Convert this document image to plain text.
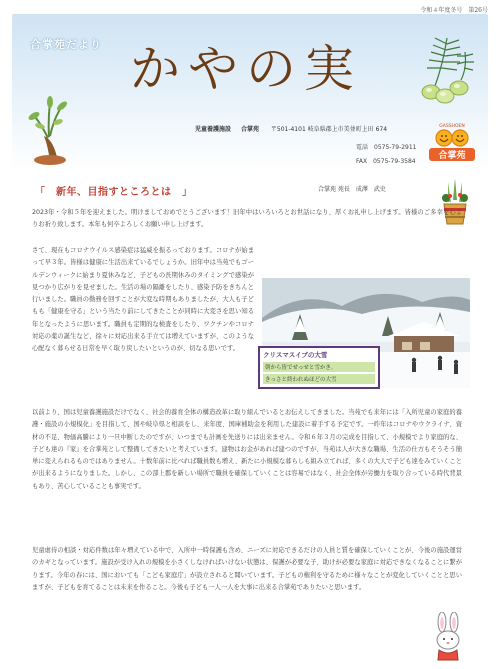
令和４年度冬号　第26号
合掌苑だより かやの実
児童養護施設 合掌苑 〒501-4101 岐阜県郡上市美並町上田 674
電話　0575-79-2911
FAX　0575-79-3584
GASSHOEN
合掌苑
「　新年、目指すところとは　」	合掌苑 苑長　成澤　武史
2023年・令和５年を迎えました。明けましておめでとうございます！旧年中はいろいろとお世話になり、厚くお礼申し上げます。皆様のご多幸を心よりお祈り致します。本年も何卒よろしくお願い申し上げます。
さて、現在もコロナウイルス感染症は猛威を振るっております。コロナが始まって早３年。皆様は健康に生活出来ているでしょうか。旧年中は当苑でもゴールデンウィークに始まり夏休みなど、子どもの長期休みのタイミングで感染が見つかり広がりを見せました。生活の場の隔離をしたり、感染予防をきちんと行いました。職員の勤務を回すことが大変な時期もありましたが、大人も子どもも「健康を守る」という当たり前にしてきたことが同時に大変さを思い知る年となったように思います。職員も定期的な検査をしたり、ワクチンやコロナ対応の薬の誕生など、徐々に対応出来る手立ては増えていますが、このような心配なく暮らせる日常を早く取り戻したいというのが、切なる思いです。
クリスマスイブの大雪
朝から皆でせっせと雪かき。
きっさと終われぬほどの大雪
以前より、国は児童養護施設だけでなく、社会的養育全体の構造改革に取り組んでいるとお伝えしてきました。当苑でも来年には「入所児童の家庭的養護・施設の小規模化」を目指して、国や岐阜県と相談をし、来年度、国庫補助金を利用した建設に着手する予定です。一昨年はコロナやウクライナ、資材の不足、物価高騰により一旦中断したのですが、いつまでも計画を先送りには出来ません。令和６年３月の完成を目指して、小規模でより家庭的な、子ども達の『家』を合掌苑として整備してきたいと考えています。建物はお金があれば建つのですが、当苑は人が大きな職場、生活の仕方もそうそう簡単に変えられるものではありません。十数年前に比べれば職員数も増え、新たに小規模な暮らしも組み立てれば、多くの大人で子ども達をみていくことが出来るようになりました。しかし、この部上郡を新しい場所で職員を確保していくことは容易ではなく、社会全体が労働力を取り合っている時代背景もあり、苦心していることも事実です。
児童虐待の相談・対応件数は年々増えている中で、入所中一時保護も含め、ニーズに対応できるだけの人員と質を確保していくことが、今後の施設運営のカギとなっています。施設が受け入れの規模を小さくしなければいけない状態は、保護が必要な子、助けが必要な家庭に対応できなくなることに繋がります。今年の春には、国においても「こども家庭庁」が設立されると聞いています。子どもの権利を守るために様々なことが変化していくことと思いますが、子どもを育てることは未来を作ること。今後も子ども一人一人を大事に出来る合掌苑でありたいと思います。
